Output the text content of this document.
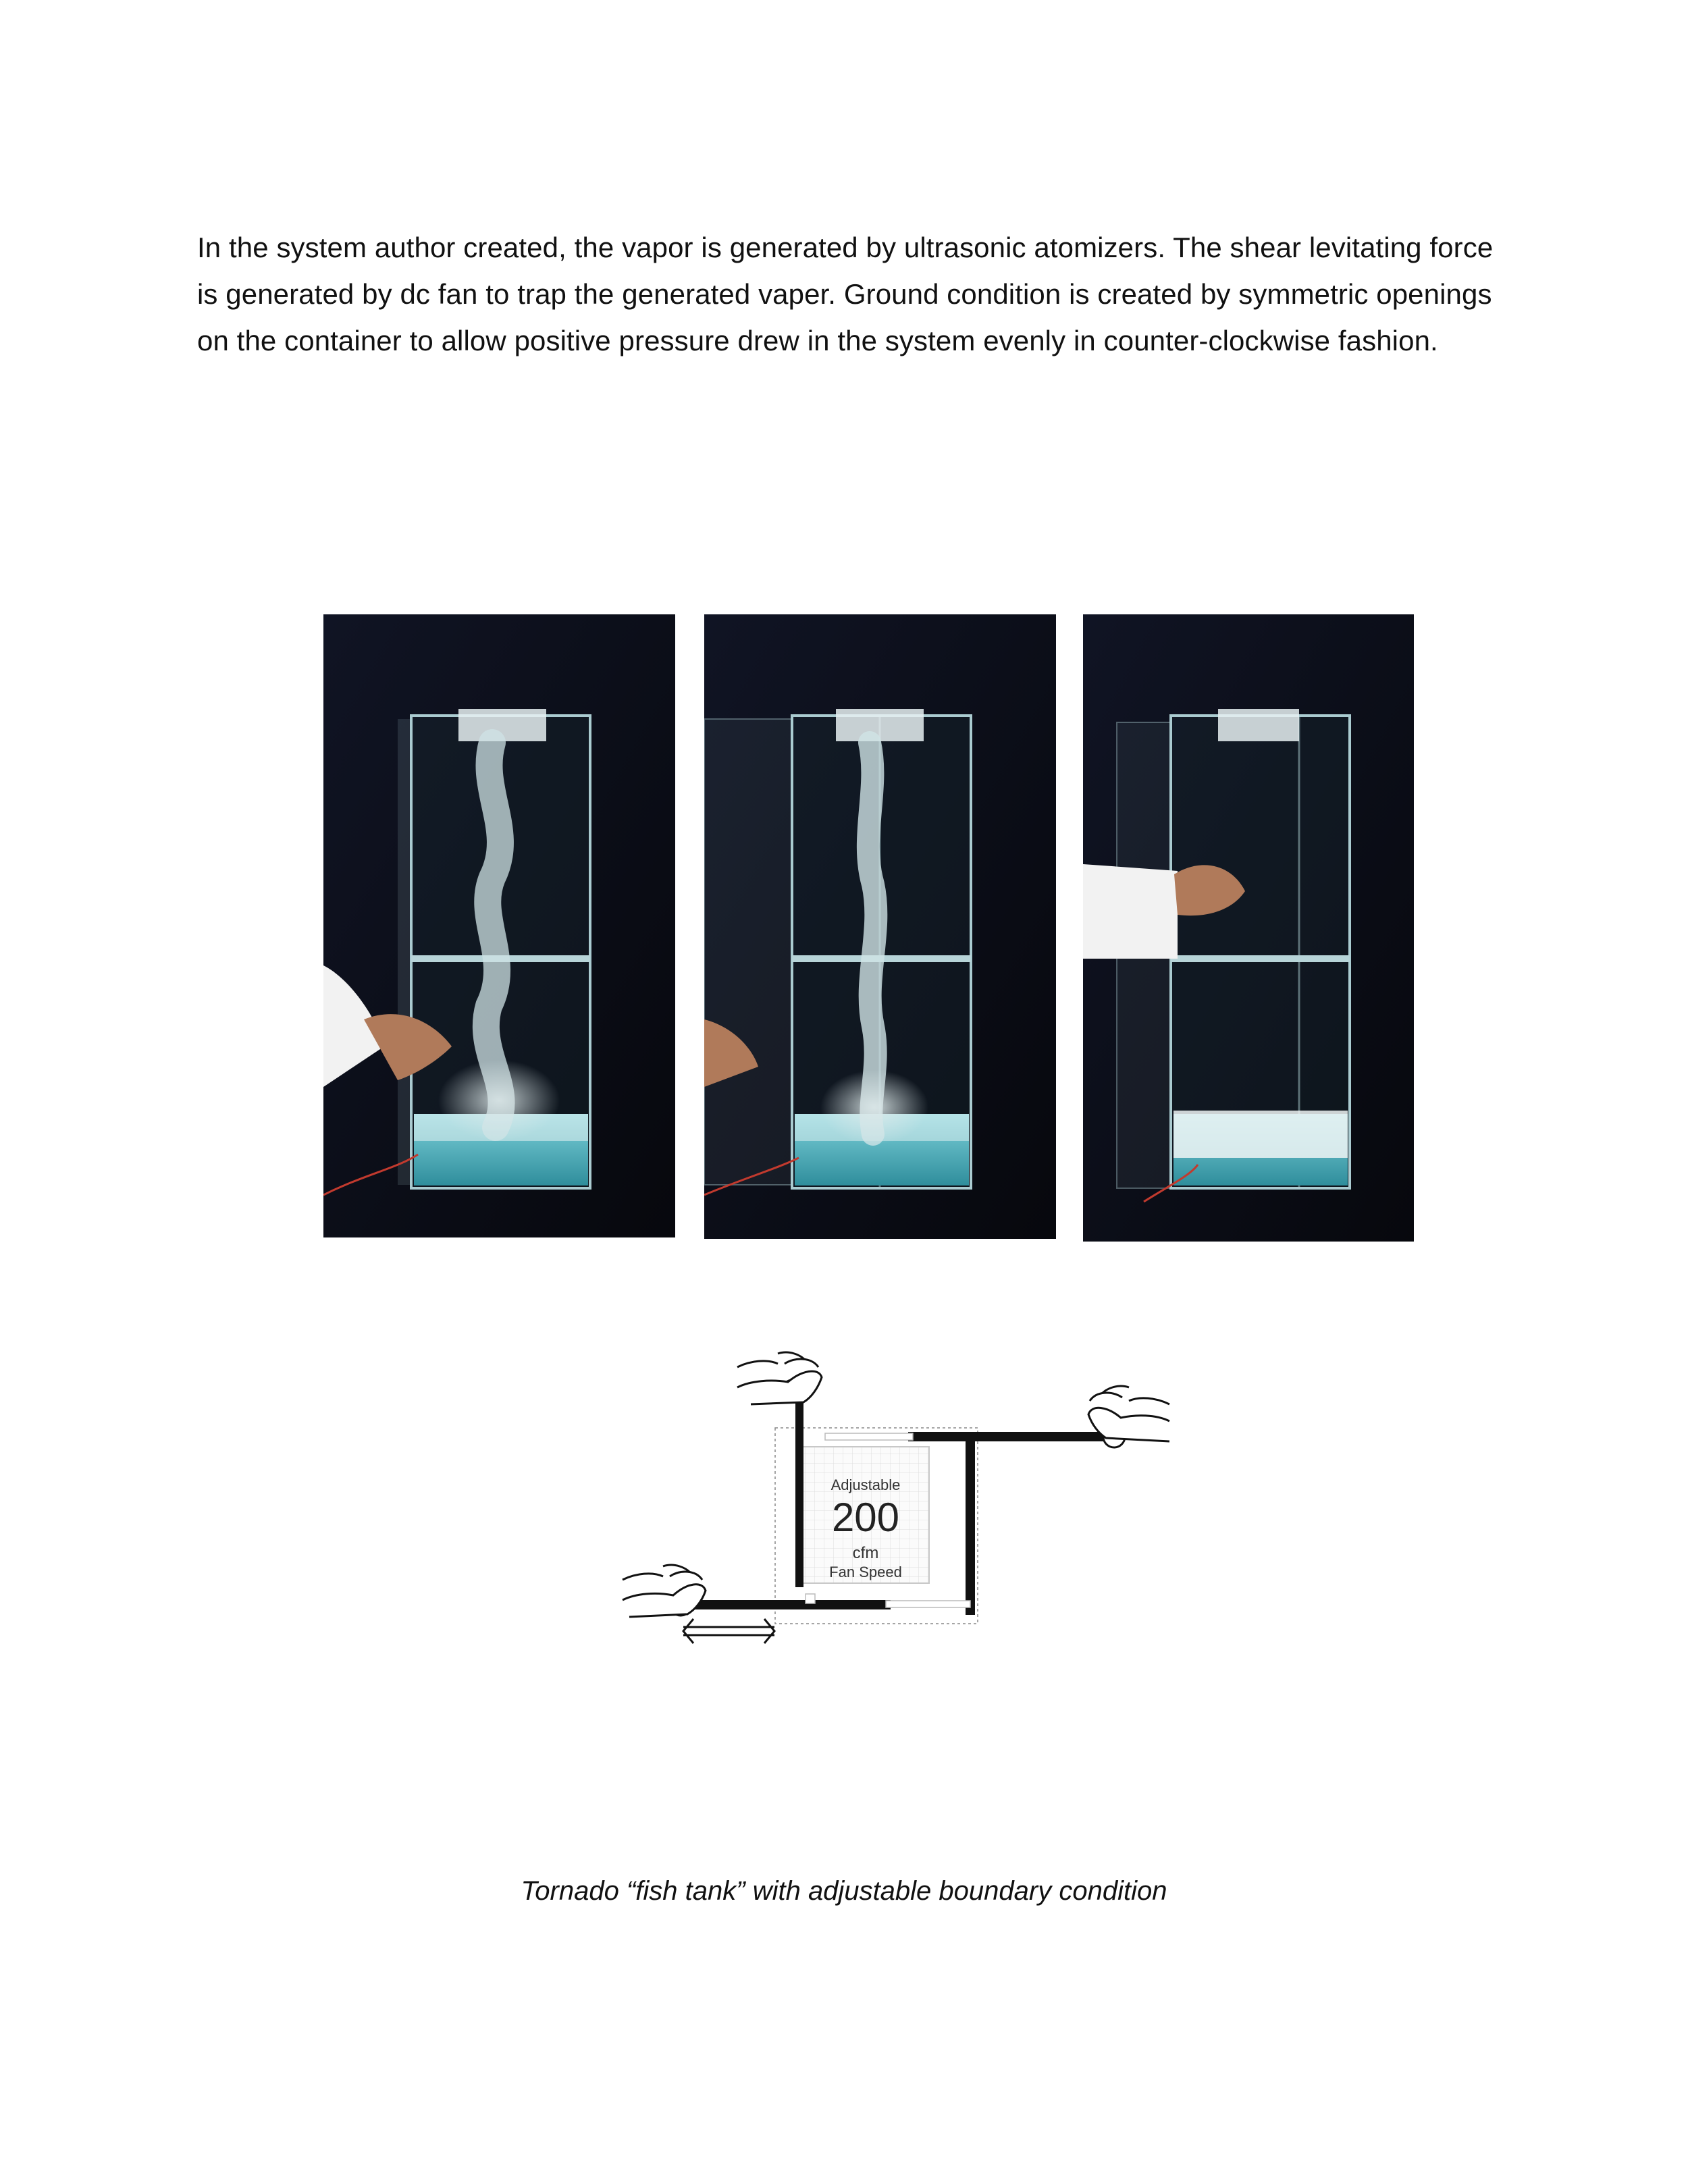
In the system author created, the vapor is generated by ultrasonic atomizers. The shear levitating force is generated by dc fan to trap the generated vaper. Ground condition is created by symmetric openings on the container to allow positive pressure drew in the system evenly in counter-clockwise fashion.

Adjustable
200
cfm
Fan Speed
Tornado “fish tank” with adjustable boundary condition
